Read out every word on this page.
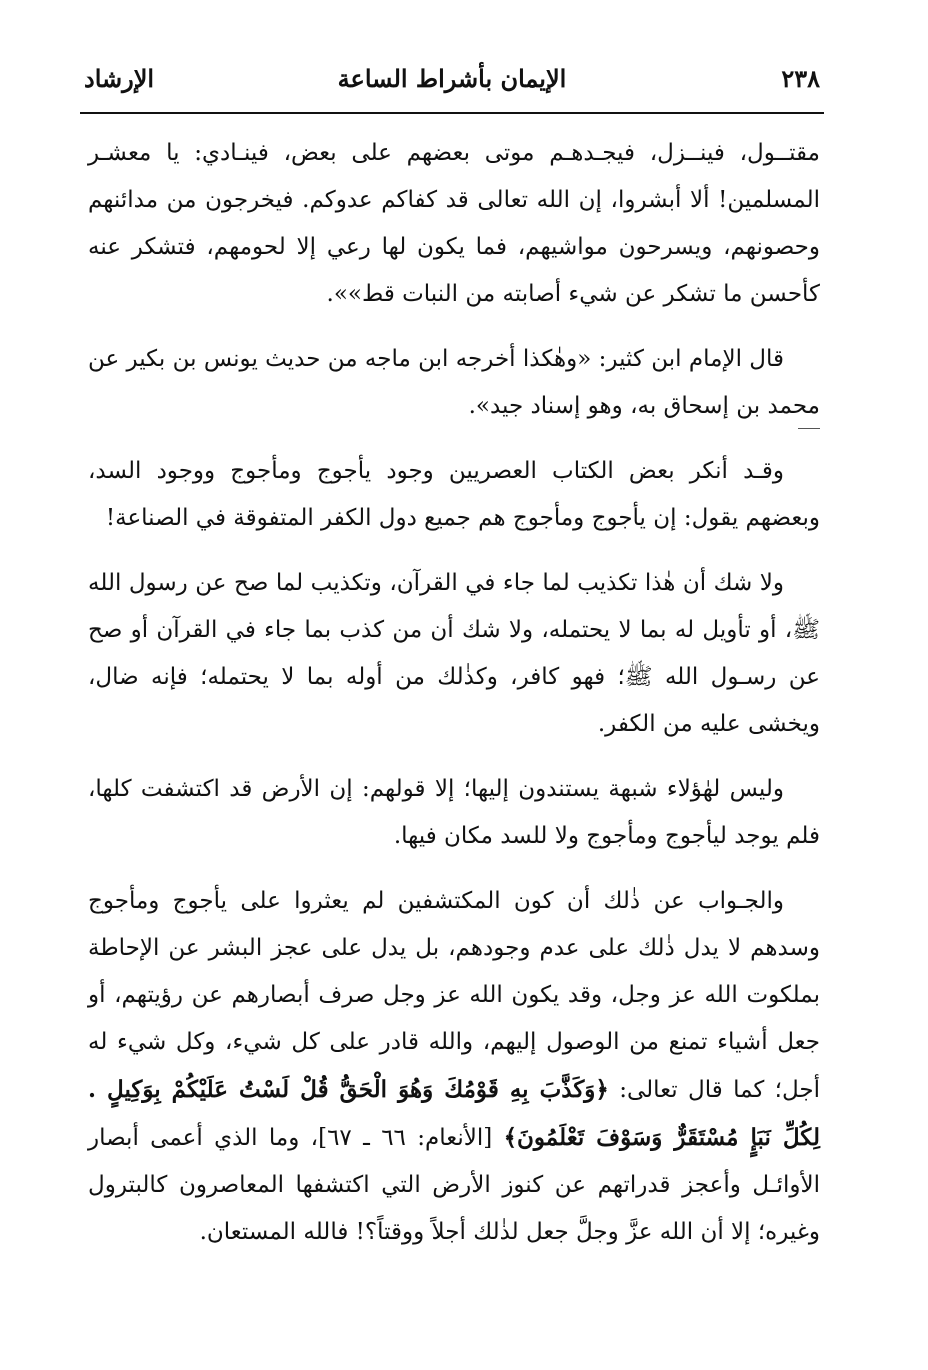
٢٣٨
الإيمان بأشراط الساعة
الإرشاد

مقتــول، فينــزل، فيجـدهـم موتى بعضهم على بعض، فينـادي: يا معشـر المسلمين! ألا أبشروا، إن الله تعالى قد كفاكم عدوكم. فيخرجون من مدائنهم وحصونهم، ويسرحون مواشيهم، فما يكون لها رعي إلا لحومهم، فتشكر عنه كأحسن ما تشكر عن شيء أصابته من النبات قط»».

قال الإمام ابن كثير: «وهٰكذا أخرجه ابن ماجه من حديث يونس بن بكير عن محمد بن إسحاق به، وهو إسناد جيد».

وقـد أنكر بعض الكتاب العصريين وجود يأجوج ومأجوج ووجود السد، وبعضهم يقول: إن يأجوج ومأجوج هم جميع دول الكفر المتفوقة في الصناعة!

ولا شك أن هٰذا تكذيب لما جاء في القرآن، وتكذيب لما صح عن رسول الله ﷺ، أو تأويل له بما لا يحتمله، ولا شك أن من كذب بما جاء في القرآن أو صح عن رسـول الله ﷺ؛ فهو كافر، وكذٰلك من أوله بما لا يحتمله؛ فإنه ضال، ويخشى عليه من الكفر.

وليس لهٰؤلاء شبهة يستندون إليها؛ إلا قولهم: إن الأرض قد اكتشفت كلها، فلم يوجد ليأجوج ومأجوج ولا للسد مكان فيها.

والجـواب عن ذٰلك أن كون المكتشفين لم يعثروا على يأجوج ومأجوج وسدهم لا يدل ذٰلك على عدم وجودهم، بل يدل على عجز البشر عن الإحاطة بملكوت الله عز وجل، وقد يكون الله عز وجل صرف أبصارهم عن رؤيتهم، أو جعل أشياء تمنع من الوصول إليهم، والله قادر على كل شيء، وكل شيء له أجل؛ كما قال تعالى: ﴿وَكَذَّبَ بِهِ قَوْمُكَ وَهُوَ الْحَقُّ قُلْ لَسْتُ عَلَيْكُمْ بِوَكِيلٍ . لِكُلِّ نَبَإٍ مُسْتَقَرٌّ وَسَوْفَ تَعْلَمُونَ﴾ [الأنعام: ٦٦ ـ ٦٧]، وما الذي أعمى أبصار الأوائـل وأعجز قدراتهم عن كنوز الأرض التي اكتشفها المعاصرون كالبترول وغيره؛ إلا أن الله عزَّ وجلَّ جعل لذٰلك أجلاً ووقتاً؟! فالله المستعان.
